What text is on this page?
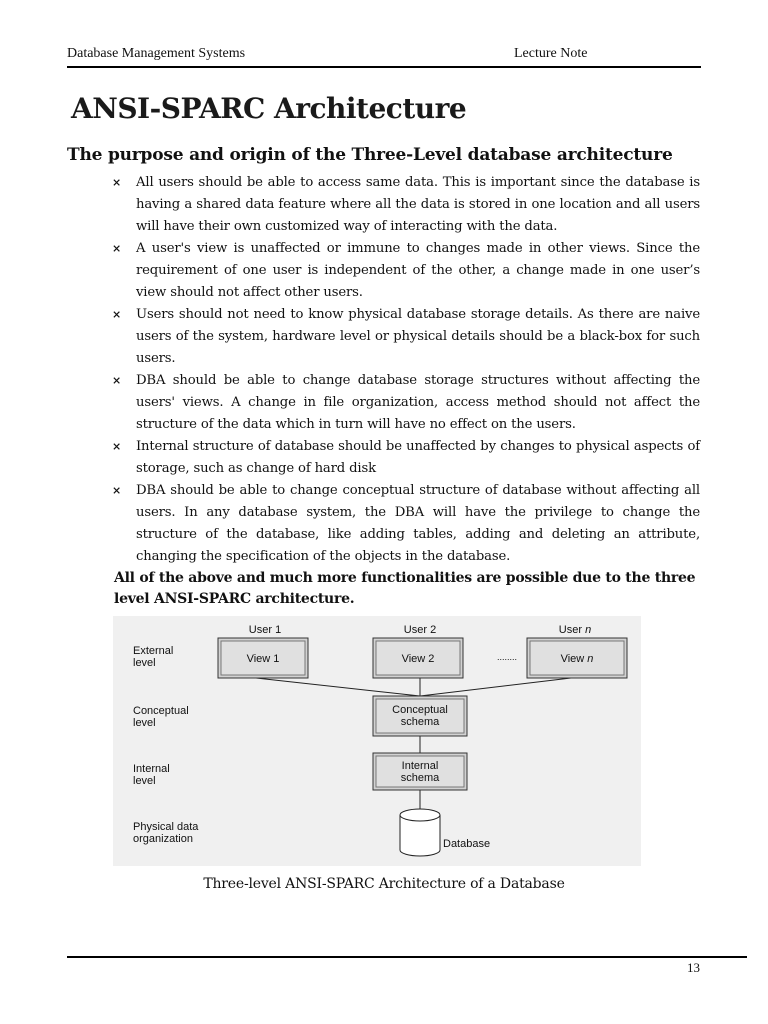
Database Management Systems	Lecture Note
ANSI-SPARC Architecture
The purpose and origin of the Three-Level database architecture
× All users should be able to access same data. This is important since the database is having a shared data feature where all the data is stored in one location and all users will have their own customized way of interacting with the data.
× A user's view is unaffected or immune to changes made in other views. Since the requirement of one user is independent of the other, a change made in one user’s view should not affect other users.
× Users should not need to know physical database storage details. As there are naive users of the system, hardware level or physical details should be a black-box for such users.
× DBA should be able to change database storage structures without affecting the users' views. A change in file organization, access method should not affect the structure of the data which in turn will have no effect on the users.
× Internal structure of database should be unaffected by changes to physical aspects of storage, such as change of hard disk
× DBA should be able to change conceptual structure of database without affecting all users. In any database system, the DBA will have the privilege to change the structure of the database, like adding tables, adding and deleting an attribute, changing the specification of the objects in the database.
All of the above and much more functionalities are possible due to the three level ANSI-SPARC architecture.
External level
Conceptual level
Internal level
Physical data organization
User 1	User 2	User n
View 1	View 2	........	View n
Conceptual schema
Internal schema
Database
Three-level ANSI-SPARC Architecture of a Database
13
